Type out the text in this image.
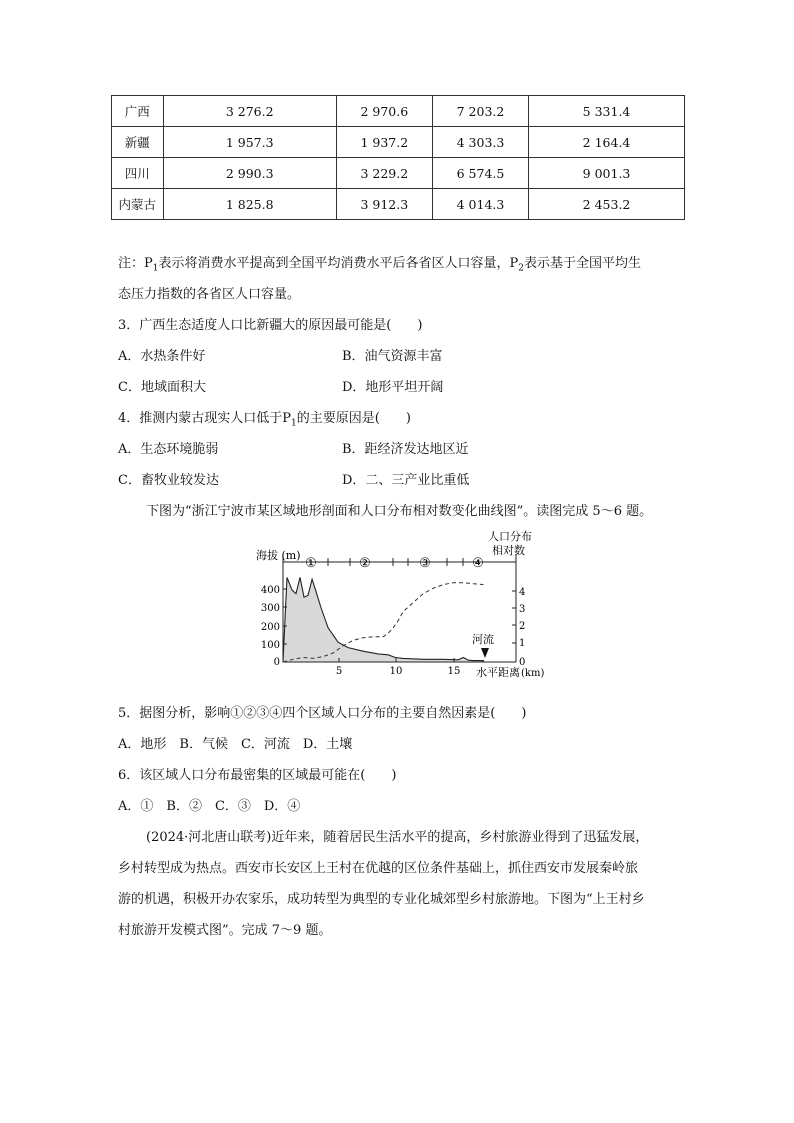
广西	3 276.2	2 970.6	7 203.2	5 331.4
新疆	1 957.3	1 937.2	4 303.3	2 164.4
四川	2 990.3	3 229.2	6 574.5	9 001.3
内蒙古	1 825.8	3 912.3	4 014.3	2 453.2
注：$P_1$表示将消费水平提高到全国平均消费水平后各省区人口容量，$P_2$表示基于全国平均生
态压力指数的各省区人口容量。
3．广西生态适度人口比新疆大的原因最可能是(　　)
A．水热条件好	B．油气资源丰富
C．地域面积大	D．地形平坦开阔
4．推测内蒙古现实人口低于$P_1$的主要原因是(　　)
A．生态环境脆弱	B．距经济发达地区近
C．畜牧业较发达	D．二、三产业比重低
下图为“浙江宁波市某区域地形剖面和人口分布相对数变化曲线图”。读图完成 5～6 题。
①	②	③	④
海拔 (m)
人口分布
相对数
400
300
200
100
0
4
3
2
1
0
5	10	15 水平距离 (km)
河流
5．据图分析，影响①②③④四个区域人口分布的主要自然因素是(　　)
A．地形　B．气候　C．河流　D．土壤
6．该区域人口分布最密集的区域最可能在(　　)
A．①　B．②　C．③　D．④
(2024·河北唐山联考)近年来，随着居民生活水平的提高，乡村旅游业得到了迅猛发展，
乡村转型成为热点。西安市长安区上王村在优越的区位条件基础上，抓住西安市发展秦岭旅
游的机遇，积极开办农家乐，成功转型为典型的专业化城郊型乡村旅游地。下图为“上王村乡
村旅游开发模式图”。完成 7～9 题。
